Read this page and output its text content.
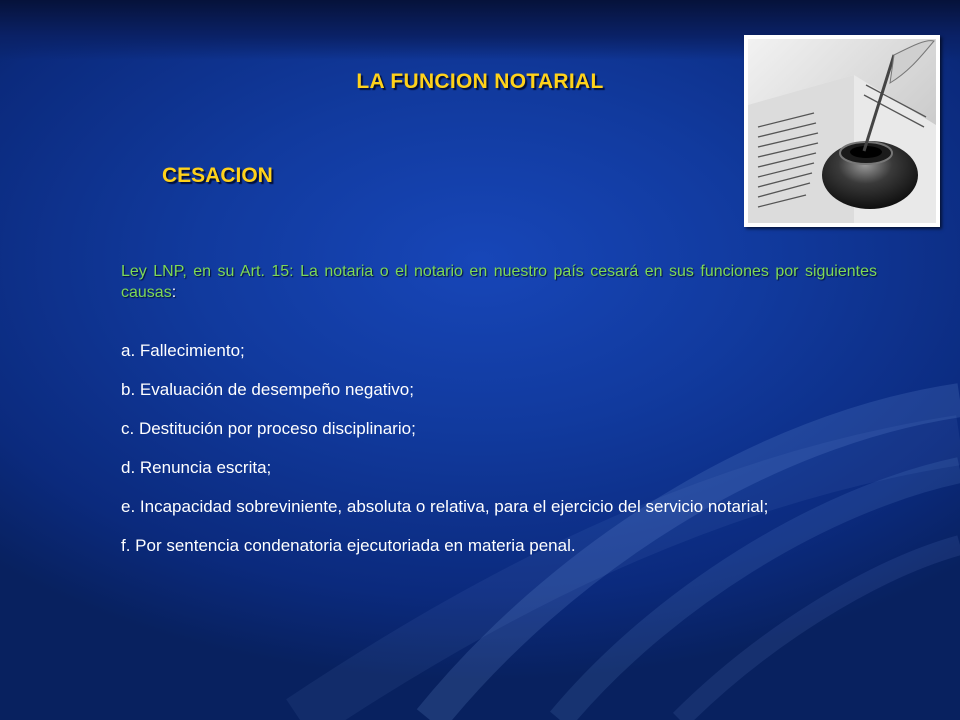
LA FUNCION NOTARIAL
CESACION
Ley LNP, en su Art. 15: La notaria o el notario en nuestro país cesará en sus funciones por siguientes causas:
a. Fallecimiento;
b. Evaluación de desempeño negativo;
c. Destitución por proceso disciplinario;
d. Renuncia escrita;
e. Incapacidad sobreviniente, absoluta o relativa, para el ejercicio del servicio notarial;
f. Por sentencia condenatoria ejecutoriada en materia penal.
